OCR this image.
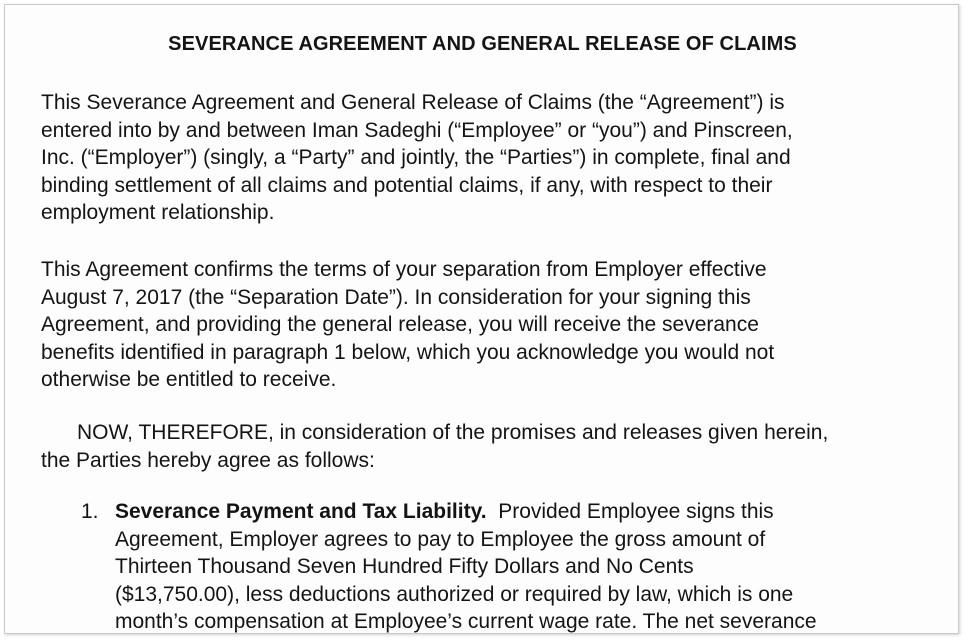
SEVERANCE AGREEMENT AND GENERAL RELEASE OF CLAIMS

This Severance Agreement and General Release of Claims (the “Agreement”) is
entered into by and between Iman Sadeghi (“Employee” or “you”) and Pinscreen,
Inc. (“Employer”) (singly, a “Party” and jointly, the “Parties”) in complete, final and
binding settlement of all claims and potential claims, if any, with respect to their
employment relationship.

This Agreement confirms the terms of your separation from Employer effective
August 7, 2017 (the “Separation Date”). In consideration for your signing this
Agreement, and providing the general release, you will receive the severance
benefits identified in paragraph 1 below, which you acknowledge you would not
otherwise be entitled to receive.

NOW, THEREFORE, in consideration of the promises and releases given herein,
the Parties hereby agree as follows:

1. Severance Payment and Tax Liability.  Provided Employee signs this
Agreement, Employer agrees to pay to Employee the gross amount of
Thirteen Thousand Seven Hundred Fifty Dollars and No Cents
($13,750.00), less deductions authorized or required by law, which is one
month’s compensation at Employee’s current wage rate. The net severance
